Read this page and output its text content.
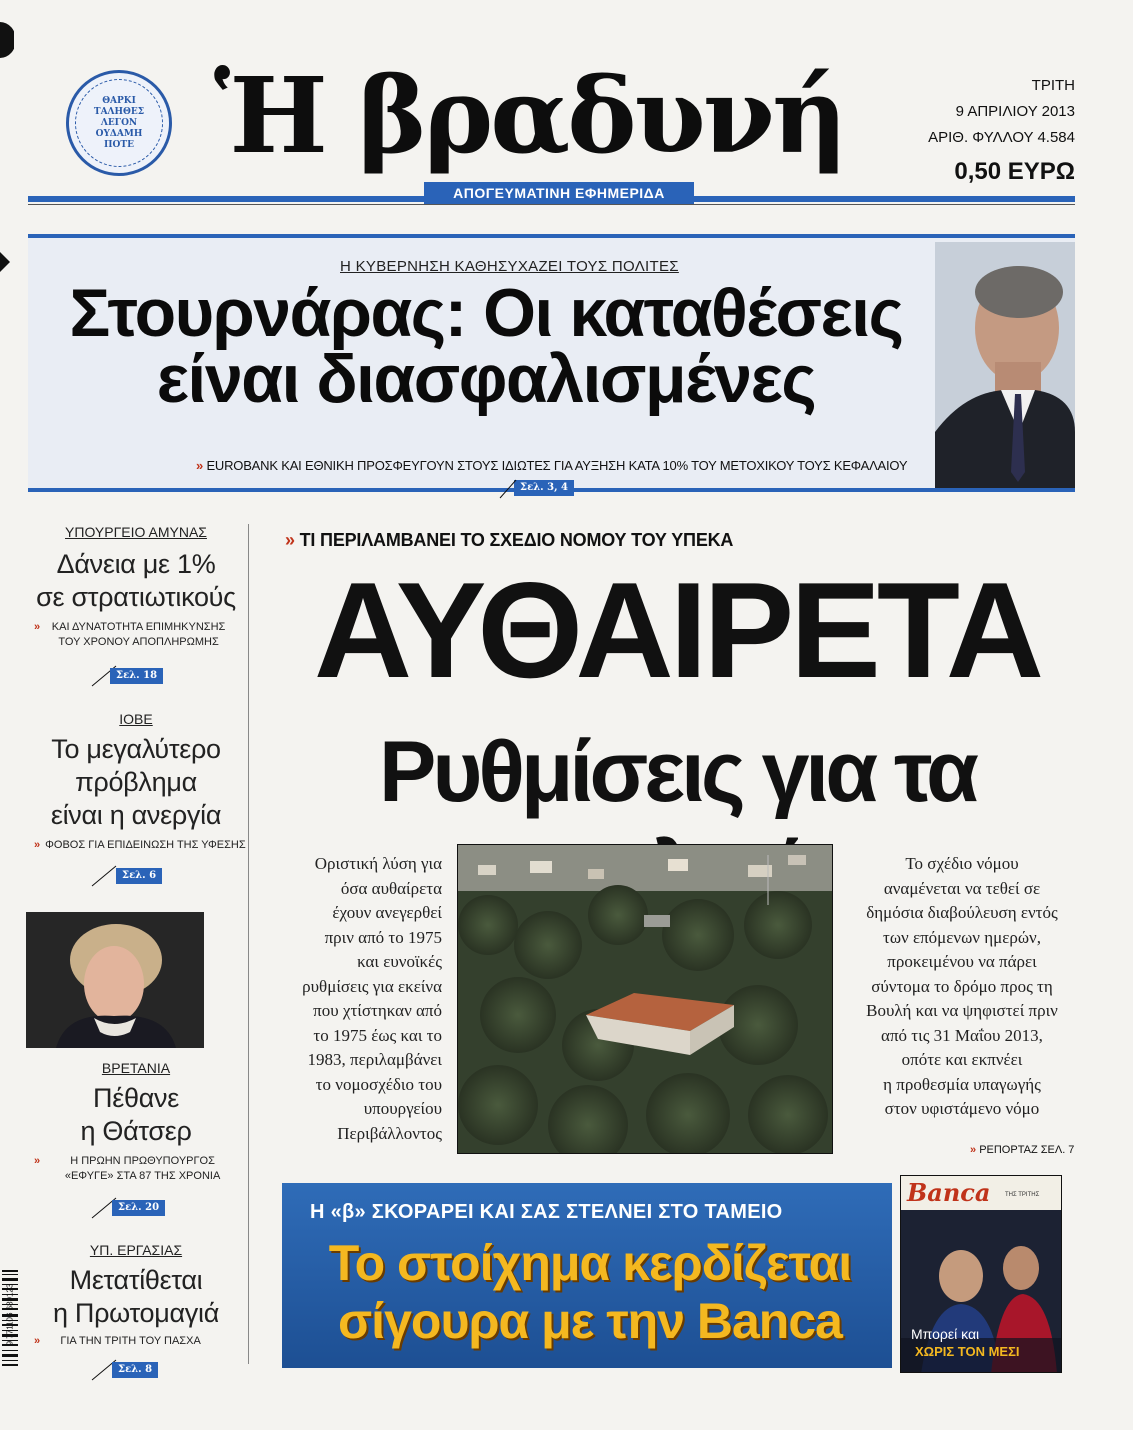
ΘΑΡΚΙ
ΤΑΛΗΘΕΣ
ΛΕΓΟΝ
ΟΥΔΑΜΗ
ΠΟΤΕ Ἡ βραδυνή
ΑΠΟΓΕΥΜΑΤΙΝΗ ΕΦΗΜΕΡΙΔΑ
ΤΡΙΤΗ
9 ΑΠΡΙΛΙΟΥ 2013
ΑΡΙΘ. ΦΥΛΛΟΥ 4.584
0,50 ΕΥΡΩ
Η ΚΥΒΕΡΝΗΣΗ ΚΑΘΗΣΥΧΑΖΕΙ ΤΟΥΣ ΠΟΛΙΤΕΣ
Στουρνάρας: Οι καταθέσεις
είναι διασφαλισμένες
» EUROBANK ΚΑΙ ΕΘΝΙΚΗ ΠΡΟΣΦΕΥΓΟΥΝ ΣΤΟΥΣ ΙΔΙΩΤΕΣ ΓΙΑ ΑΥΞΗΣΗ ΚΑΤΑ 10% ΤΟΥ ΜΕΤΟΧΙΚΟΥ ΤΟΥΣ ΚΕΦΑΛΑΙΟΥ
Σελ. 3, 4
ΥΠΟΥΡΓΕΙΟ ΑΜΥΝΑΣ
Δάνεια με 1%
σε στρατιωτικούς
»	ΚΑΙ ΔΥΝΑΤΟΤΗΤΑ ΕΠΙΜΗΚΥΝΣΗΣ ΤΟΥ ΧΡΟΝΟΥ ΑΠΟΠΛΗΡΩΜΗΣ
Σελ. 18
ΙΟΒΕ
Το μεγαλύτερο
πρόβλημα
είναι η ανεργία
» ΦΟΒΟΣ ΓΙΑ ΕΠΙΔΕΙΝΩΣΗ ΤΗΣ ΥΦΕΣΗΣ
Σελ. 6
ΒΡΕΤΑΝΙΑ
Πέθανε
η Θάτσερ
»	Η ΠΡΩΗΝ ΠΡΩΘΥΠΟΥΡΓΟΣ «ΕΦΥΓΕ» ΣΤΑ 87 ΤΗΣ ΧΡΟΝΙΑ
Σελ. 20
ΥΠ. ΕΡΓΑΣΙΑΣ
Μετατίθεται
η Πρωτομαγιά
»	ΓΙΑ ΤΗΝ ΤΡΙΤΗ ΤΟΥ ΠΑΣΧΑ
Σελ. 8
9 771106 689123
» ΤΙ ΠΕΡΙΛΑΜΒΑΝΕΙ ΤΟ ΣΧΕΔΙΟ ΝΟΜΟΥ ΤΟΥ ΥΠΕΚΑ
ΑΥΘΑΙΡΕΤΑ
Ρυθμίσεις για τα
Οριστική λύση για
όσα αυθαίρετα
έχουν ανεγερθεί
πριν από το 1975
και ευνοϊκές
ρυθμίσεις για εκείνα
που χτίστηκαν από
το 1975 έως και το
1983, περιλαμβάνει
το νομοσχέδιο του
υπουργείου
Περιβάλλοντος
Το σχέδιο νόμου
αναμένεται να τεθεί σε
δημόσια διαβούλευση εντός
των επόμενων ημερών,
προκειμένου να πάρει
σύντομα το δρόμο προς τη
Βουλή και να ψηφιστεί πριν
από τις 31 Μαΐου 2013,
οπότε και εκπνέει
η προθεσμία υπαγωγής
στον υφιστάμενο νόμο
» ΡΕΠΟΡΤΑΖ ΣΕΛ. 7
Η «β» ΣΚΟΡΑΡΕΙ ΚΑΙ ΣΑΣ ΣΤΕΛΝΕΙ ΣΤΟ ΤΑΜΕΙΟ
Το στοίχημα κερδίζεται
σίγουρα με την Banca
Banca ΤΗΣ ΤΡΙΤΗΣ
Μπορεί και
ΧΩΡΙΣ ΤΟΝ ΜΕΣΙ
